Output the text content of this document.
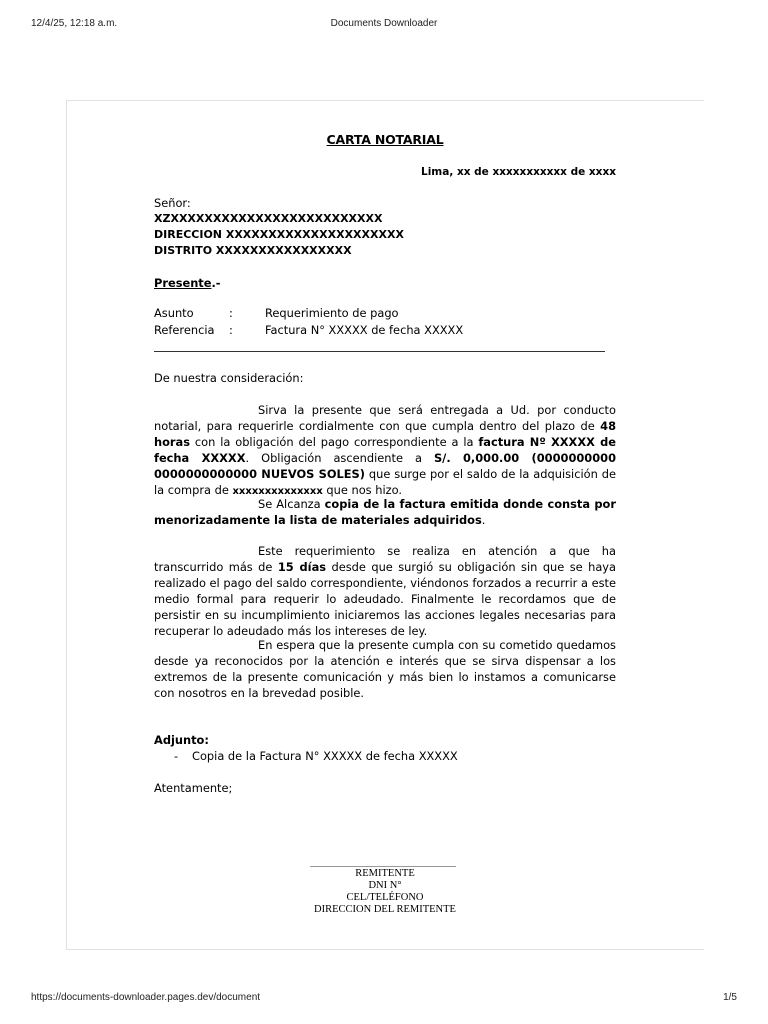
12/4/25, 12:18 a.m.	Documents Downloader
CARTA NOTARIAL
Lima, xx de xxxxxxxxxxx de xxxx
Señor:
XZXXXXXXXXXXXXXXXXXXXXXXXXX
DIRECCION XXXXXXXXXXXXXXXXXXXXX
DISTRITO XXXXXXXXXXXXXXXX
Presente.-
Asunto	:	Requerimiento de pago
Referencia :	Factura N° XXXXX de fecha XXXXX
De nuestra consideración:
Sirva la presente que será entregada a Ud. por conducto notarial, para requerirle cordialmente con que cumpla dentro del plazo de 48 horas con la obligación del pago correspondiente a la factura Nº XXXXX de fecha XXXXX. Obligación ascendiente a S/. 0,000.00 (0000000000 0000000000000 NUEVOS SOLES) que surge por el saldo de la adquisición de la compra de xxxxxxxxxxxxxx que nos hizo.
Se Alcanza copia de la factura emitida donde consta por menorizadamente la lista de materiales adquiridos.
Este requerimiento se realiza en atención a que ha transcurrido más de 15 días desde que surgió su obligación sin que se haya realizado el pago del saldo correspondiente, viéndonos forzados a recurrir a este medio formal para requerir lo adeudado. Finalmente le recordamos que de persistir en su incumplimiento iniciaremos las acciones legales necesarias para recuperar lo adeudado más los intereses de ley.
En espera que la presente cumpla con su cometido quedamos desde ya reconocidos por la atención e interés que se sirva dispensar a los extremos de la presente comunicación y más bien lo instamos a comunicarse con nosotros en la brevedad posible.
Adjunto:
- Copia de la Factura N° XXXXX de fecha XXXXX
Atentamente;
REMITENTE
DNI N°
CEL/TELÉFONO
DIRECCION DEL REMITENTE
https://documents-downloader.pages.dev/document	1/5
